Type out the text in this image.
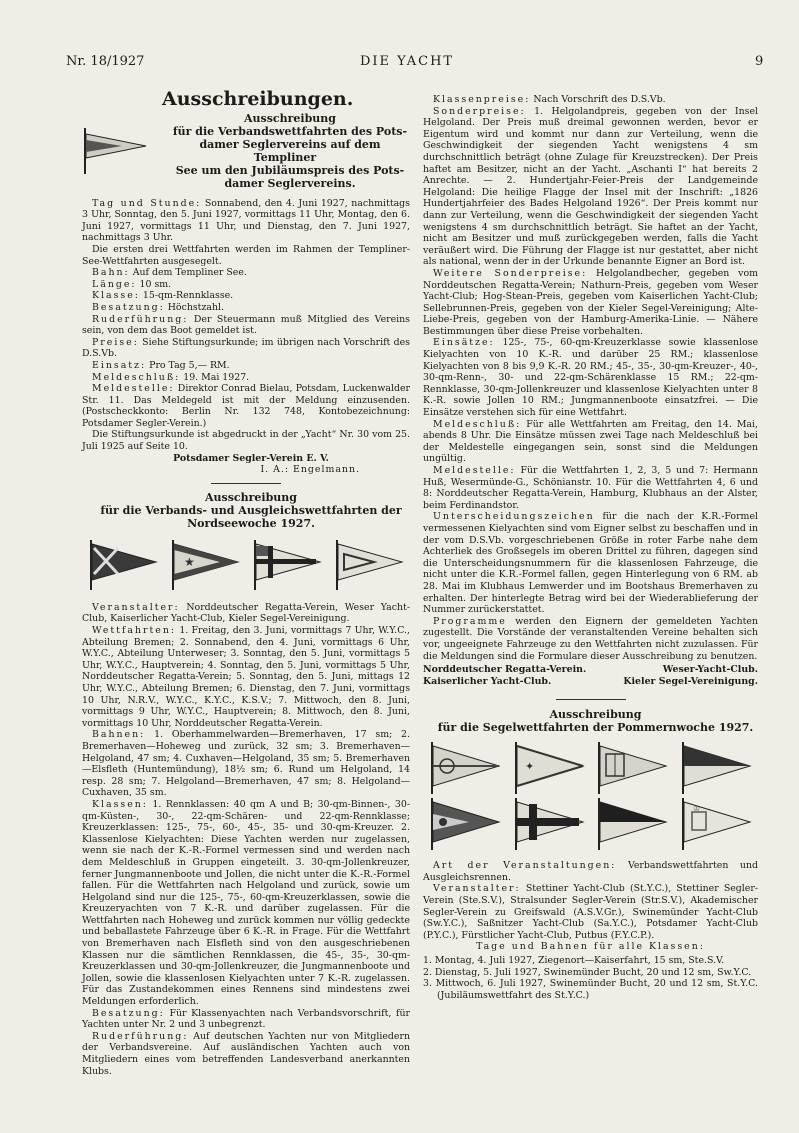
Nr. 18/1927	DIE YACHT	9
Ausschreibungen.

Ausschreibung

für die Verbandswettfahrten des Pots-

damer Seglervereins auf dem Templiner

See um den Jubiläumspreis des Pots-

damer Seglervereins.

Tag und Stunde: Sonnabend, den 4. Juni 1927, nachmittags 3 Uhr, Sonntag, den 5. Juni 1927, vormittags 11 Uhr, Montag, den 6. Juni 1927, vormittags 11 Uhr, und Dienstag, den 7. Juni 1927, nachmittags 3 Uhr.

Die ersten drei Wettfahrten werden im Rahmen der Templiner-See-Wettfahrten ausgesegelt.

Bahn: Auf dem Templiner See.

Länge: 10 sm.

Klasse: 15-qm-Rennklasse.

Besatzung: Höchstzahl.

Ruderführung: Der Steuermann muß Mitglied des Vereins sein, von dem das Boot gemeldet ist.

Preise: Siehe Stiftungsurkunde; im übrigen nach Vorschrift des D.S.Vb.

Einsatz: Pro Tag 5,— RM.

Meldeschluß: 19. Mai 1927.

Meldestelle: Direktor Conrad Bielau, Potsdam, Luckenwalder Str. 11. Das Meldegeld ist mit der Meldung einzusenden. (Postscheckkonto: Berlin Nr. 132 748, Kontobezeichnung: Potsdamer Segler-Verein.)

Die Stiftungsurkunde ist abgedruckt in der „Yacht“ Nr. 30 vom 25. Juli 1925 auf Seite 10.

Potsdamer Segler-Verein E. V.

I. A.: Engelmann.

Ausschreibung

für die Verbands- und Ausgleichswettfahrten der

Nordseewoche 1927.

★

Veranstalter: Norddeutscher Regatta-Verein, Weser Yacht-Club, Kaiserlicher Yacht-Club, Kieler Segel-Vereinigung.

Wettfahrten: 1. Freitag, den 3. Juni, vormittags 7 Uhr, W.Y.C., Abteilung Bremen; 2. Sonnabend, den 4. Juni, vormittags 6 Uhr, W.Y.C., Abteilung Unterweser; 3. Sonntag, den 5. Juni, vormittags 5 Uhr, W.Y.C., Hauptverein; 4. Sonntag, den 5. Juni, vormittags 5 Uhr, Norddeutscher Regatta-Verein; 5. Sonntag, den 5. Juni, mittags 12 Uhr, W.Y.C., Abteilung Bremen; 6. Dienstag, den 7. Juni, vormittags 10 Uhr, N.R.V., W.Y.C., K.Y.C., K.S.V.; 7. Mittwoch, den 8. Juni, vormittags 9 Uhr, W.Y.C., Hauptverein; 8. Mittwoch, den 8. Juni, vormittags 10 Uhr, Norddeutscher Regatta-Verein.

Bahnen: 1. Oberhammelwarden—Bremerhaven, 17 sm; 2. Bremerhaven—Hoheweg und zurück, 32 sm; 3. Bremerhaven—Helgoland, 47 sm; 4. Cuxhaven—Helgoland, 35 sm; 5. Bremerhaven—Elsfleth (Huntemündung), 18½ sm; 6. Rund um Helgoland, 14 resp. 28 sm; 7. Helgoland—Bremerhaven, 47 sm; 8. Helgoland—Cuxhaven, 35 sm.

Klassen: 1. Rennklassen: 40 qm A und B; 30-qm-Binnen-, 30-qm-Küsten-, 30-, 22-qm-Schären- und 22-qm-Rennklasse; Kreuzerklassen: 125-, 75-, 60-, 45-, 35- und 30-qm-Kreuzer. 2. Klassenlose Kielyachten: Diese Yachten werden nur zugelassen, wenn sie nach der K.-R.-Formel vermessen sind und werden nach dem Meldeschluß in Gruppen eingeteilt. 3. 30-qm-Jollenkreuzer, ferner Jungmannenboote und Jollen, die nicht unter die K.-R.-Formel fallen. Für die Wettfahrten nach Helgoland und zurück, sowie um Helgoland sind nur die 125-, 75-, 60-qm-Kreuzerklassen, sowie die Kreuzeryachten von 7 K.-R. und darüber zugelassen. Für die Wettfahrten nach Hoheweg und zurück kommen nur völlig gedeckte und beballastete Fahrzeuge über 6 K.-R. in Frage. Für die Wettfahrt von Bremerhaven nach Elsfleth sind von den ausgeschriebenen Klassen nur die sämtlichen Rennklassen, die 45-, 35-, 30-qm-Kreuzerklassen und 30-qm-Jollenkreuzer, die Jungmannenboote und Jollen, sowie die klassenlosen Kielyachten unter 7 K.-R. zugelassen. Für das Zustandekommen eines Rennens sind mindestens zwei Meldungen erforderlich.

Besatzung: Für Klassenyachten nach Verbandsvorschrift, für Yachten unter Nr. 2 und 3 unbegrenzt.

Ruderführung: Auf deutschen Yachten nur von Mitgliedern der Verbandsvereine. Auf ausländischen Yachten auch von Mitgliedern eines vom betreffenden Landesverband anerkannten Klubs.

Klassenpreise: Nach Vorschrift des D.S.Vb.

Sonderpreise: 1. Helgolandpreis, gegeben von der Insel Helgoland. Der Preis muß dreimal gewonnen werden, bevor er Eigentum wird und kommt nur dann zur Verteilung, wenn die Geschwindigkeit der siegenden Yacht wenigstens 4 sm durchschnittlich beträgt (ohne Zulage für Kreuzstrecken). Der Preis haftet am Besitzer, nicht an der Yacht. „Aschanti I“ hat bereits 2 Anrechte. — 2. Hundertjahr-Feier-Preis der Landgemeinde Helgoland: Die heilige Flagge der Insel mit der Inschrift: „1826 Hundertjahrfeier des Bades Helgoland 1926“. Der Preis kommt nur dann zur Verteilung, wenn die Geschwindigkeit der siegenden Yacht wenigstens 4 sm durchschnittlich beträgt. Sie haftet an der Yacht, nicht am Besitzer und muß zurückgegeben werden, falls die Yacht veräußert wird. Die Führung der Flagge ist nur gestattet, aber nicht als national, wenn der in der Urkunde benannte Eigner an Bord ist.

Weitere Sonderpreise: Helgolandbecher, gegeben vom Norddeutschen Regatta-Verein; Nathurn-Preis, gegeben vom Weser Yacht-Club; Hog-Stean-Preis, gegeben vom Kaiserlichen Yacht-Club; Sellebrunnen-Preis, gegeben von der Kieler Segel-Vereinigung; Alte-Liebe-Preis, gegeben von der Hamburg-Amerika-Linie. — Nähere Bestimmungen über diese Preise vorbehalten.

Einsätze: 125-, 75-, 60-qm-Kreuzerklasse sowie klassenlose Kielyachten von 10 K.-R. und darüber 25 RM.; klassenlose Kielyachten von 8 bis 9,9 K.-R. 20 RM.; 45-, 35-, 30-qm-Kreuzer-, 40-, 30-qm-Renn-, 30- und 22-qm-Schärenklasse 15 RM.; 22-qm-Rennklasse, 30-qm-Jollenkreuzer und klassenlose Kielyachten unter 8 K.-R. sowie Jollen 10 RM.; Jungmannenboote einsatzfrei. — Die Einsätze verstehen sich für eine Wettfahrt.

Meldeschluß: Für alle Wettfahrten am Freitag, den 14. Mai, abends 8 Uhr. Die Einsätze müssen zwei Tage nach Meldeschluß bei der Meldestelle eingegangen sein, sonst sind die Meldungen ungültig.

Meldestelle: Für die Wettfahrten 1, 2, 3, 5 und 7: Hermann Huß, Wesermünde-G., Schönianstr. 10. Für die Wettfahrten 4, 6 und 8: Norddeutscher Regatta-Verein, Hamburg, Klubhaus an der Alster, beim Ferdinandstor.

Unterscheidungszeichen für die nach der K.R.-Formel vermessenen Kielyachten sind vom Eigner selbst zu beschaffen und in der vom D.S.Vb. vorgeschriebenen Größe in roter Farbe nahe dem Achterliek des Großsegels im oberen Drittel zu führen, dagegen sind die Unterscheidungsnummern für die klassenlosen Fahrzeuge, die nicht unter die K.R.-Formel fallen, gegen Hinterlegung von 6 RM. ab 28. Mai im Klubhaus Lemwerder und im Bootshaus Bremerhaven zu erhalten. Der hinterlegte Betrag wird bei der Wiederablieferung der Nummer zurückerstattet.

Programme werden den Eignern der gemeldeten Yachten zugestellt. Die Vorstände der veranstaltenden Vereine behalten sich vor, ungeeignete Fahrzeuge zu den Wettfahrten nicht zuzulassen. Für die Meldungen sind die Formulare dieser Ausschreibung zu benutzen.

Norddeutscher Regatta-Verein.	Weser-Yacht-Club.
Kaiserlicher Yacht-Club.	Kieler Segel-Vereinigung.

Ausschreibung

für die Segelwettfahrten der Pommernwoche 1927.

✦
♔

Art der Veranstaltungen: Verbandswettfahrten und Ausgleichsrennen.

Veranstalter: Stettiner Yacht-Club (St.Y.C.), Stettiner Segler-Verein (Ste.S.V.), Stralsunder Segler-Verein (Str.S.V.), Akademischer Segler-Verein zu Greifswald (A.S.V.Gr.), Swinemünder Yacht-Club (Sw.Y.C.), Saßnitzer Yacht-Club (Sa.Y.C.), Potsdamer Yacht-Club (P.Y.C.), Fürstlicher Yacht-Club, Putbus (F.Y.C.P.).

Tage und Bahnen für alle Klassen:

1. Montag, 4. Juli 1927, Ziegenort—Kaiserfahrt, 15 sm, Ste.S.V.
2. Dienstag, 5. Juli 1927, Swinemünder Bucht, 20 und 12 sm, Sw.Y.C.
3. Mittwoch, 6. Juli 1927, Swinemünder Bucht, 20 und 12 sm, St.Y.C. (Jubiläumswettfahrt des St.Y.C.)
